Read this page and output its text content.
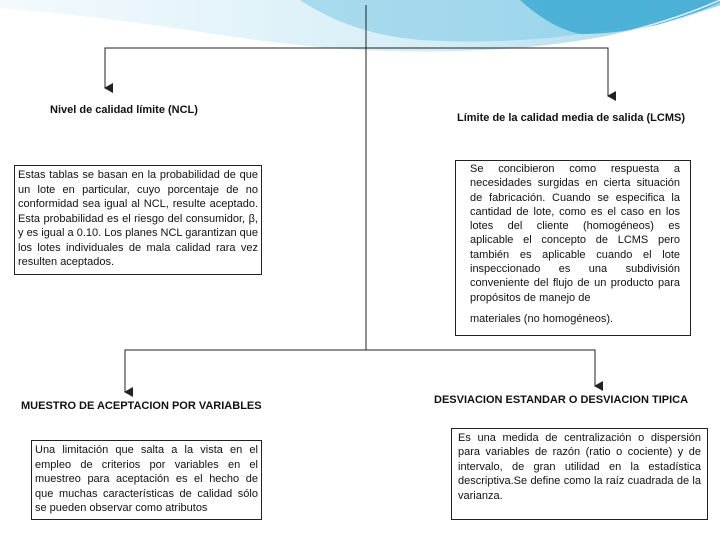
Nivel de calidad límite (NCL)
Estas tablas se basan en la probabilidad de que un lote en particular, cuyo porcentaje de no conformidad sea igual al NCL, resulte aceptado. Esta probabilidad es el riesgo del consumidor, β, y es igual a 0.10. Los planes NCL garantizan que los lotes individuales de mala calidad rara vez resulten aceptados.
Límite de la calidad media de salida (LCMS)
Se concibieron como respuesta a necesidades surgidas en cierta situación de fabricación. Cuando se especifica la cantidad de lote, como es el caso en los lotes del cliente (homogéneos) es aplicable el concepto de LCMS pero también es aplicable cuando el lote inspeccionado es una subdivisión conveniente del flujo de un producto para propósitos de manejo de
materiales (no homogéneos).
MUESTRO DE ACEPTACION POR VARIABLES
Una limitación que salta a la vista en el empleo de criterios por variables en el muestreo para aceptación es el hecho de que muchas características de calidad sólo se pueden observar como atributos
DESVIACION ESTANDAR O DESVIACION TIPICA
Es una medida de centralización o dispersión para variables de razón (ratio o cociente) y de intervalo, de gran utilidad en la estadística descriptiva.Se define como la raíz cuadrada de la varianza.
